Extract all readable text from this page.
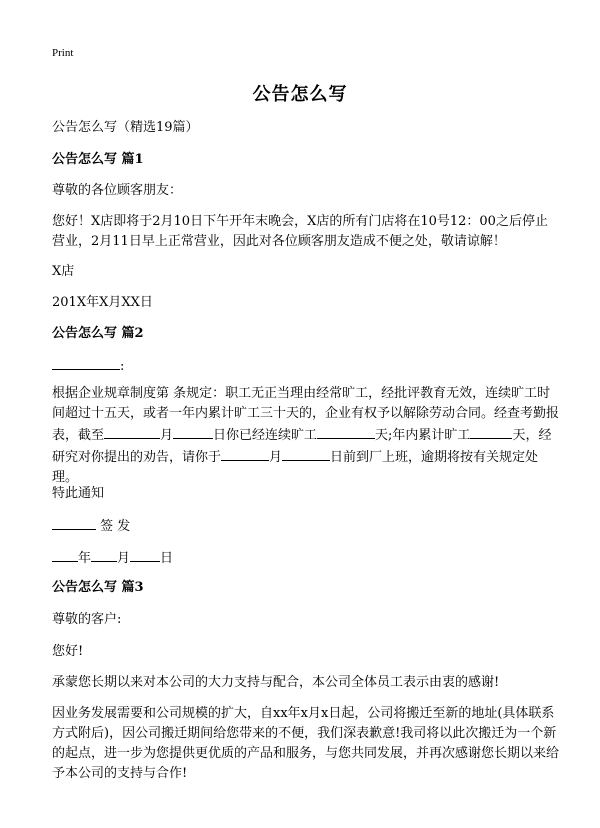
Print
公告怎么写
公告怎么写（精选19篇）
公告怎么写 篇1
尊敬的各位顾客朋友：
您好！X店即将于2月10日下午开年末晚会，X店的所有门店将在10号12：00之后停止营业，2月11日早上正常营业，因此对各位顾客朋友造成不便之处，敬请谅解！
X店
201X年X月XX日
公告怎么写 篇2
:
根据企业规章制度第 条规定：职工无正当理由经常旷工，经批评教育无效，连续旷工时间超过十五天，或者一年内累计旷工三十天的，企业有权予以解除劳动合同。经查考勤报表，截至	月	日你已经连续旷工	天;年内累计旷工	天，经研究对你提出的劝告，请你于	月	日前到厂上班，逾期将按有关规定处理。
特此通知
签 发
年 月 日
公告怎么写 篇3
尊敬的客户:
您好!
承蒙您长期以来对本公司的大力支持与配合，本公司全体员工表示由衷的感谢!
因业务发展需要和公司规模的扩大，自xx年x月x日起，公司将搬迁至新的地址(具体联系方式附后)，因公司搬迁期间给您带来的不便，我们深表歉意!我司将以此次搬迁为一个新的起点，进一步为您提供更优质的产品和服务，与您共同发展，并再次感谢您长期以来给予本公司的支持与合作!
